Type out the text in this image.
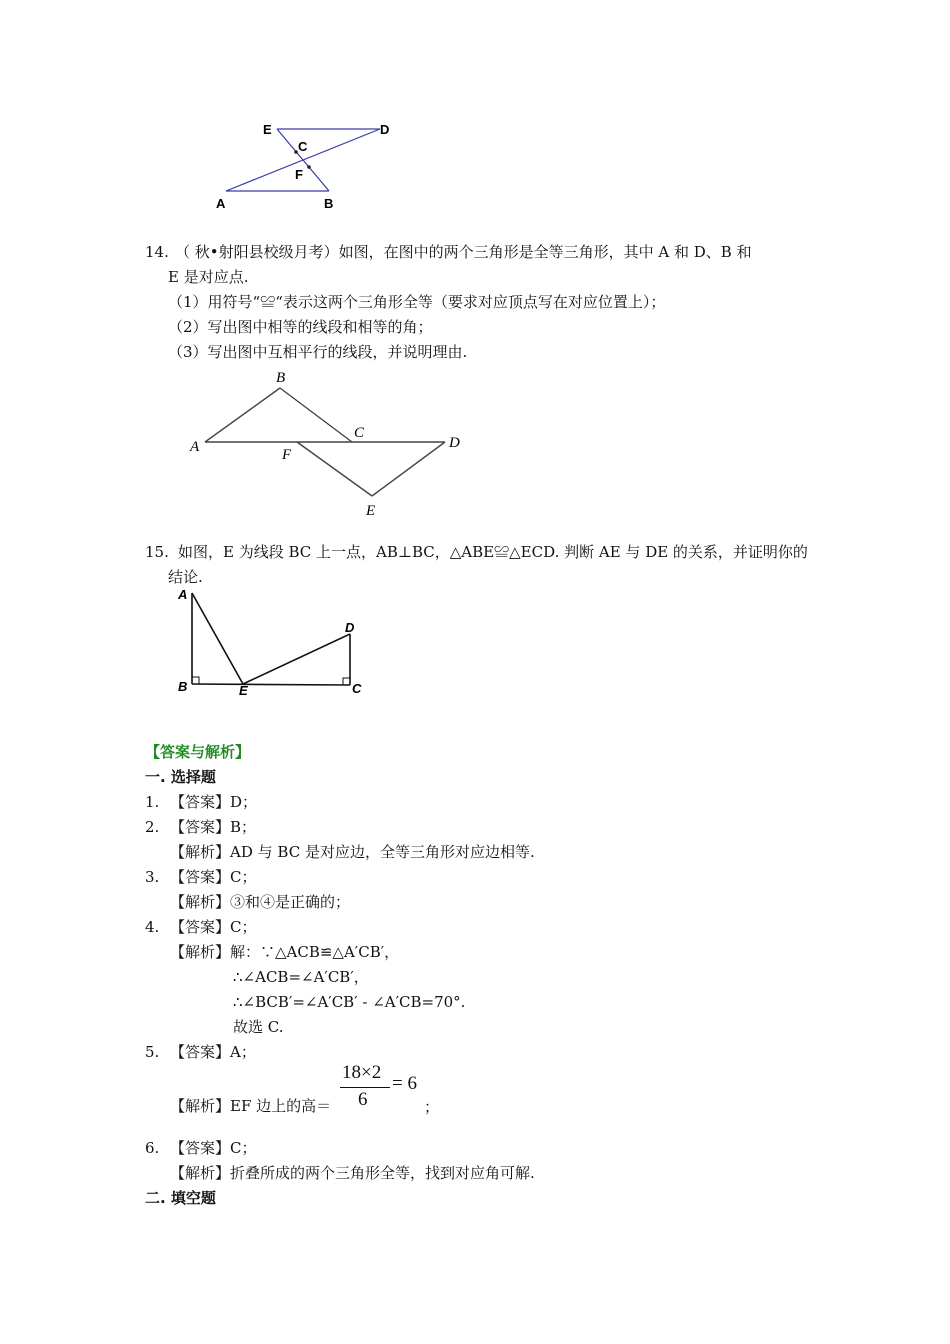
E	D
C
F
A	B
14. （ 秋•射阳县校级月考）如图，在图中的两个三角形是全等三角形，其中 A 和 D、B 和
E 是对应点.
（1）用符号“≌“表示这两个三角形全等（要求对应顶点写在对应位置上）；
（2）写出图中相等的线段和相等的角；
（3）写出图中互相平行的线段，并说明理由.
B
A
C
F
D
E
15. 如图，E 为线段 BC 上一点，AB⊥BC，△ABE≌△ECD. 判断 AE 与 DE 的关系，并证明你的
结论.
A
B	E
D
C
【答案与解析】
一. 选择题
1. 【答案】D；
2. 【答案】B；
【解析】AD 与 BC 是对应边，全等三角形对应边相等.
3. 【答案】C；
【解析】③和④是正确的；
4. 【答案】C；
【解析】解：∵△ACB≌△A′CB′，
∴∠ACB=∠A′CB′，
∴∠BCB′=∠A′CB′ - ∠A′CB=70°.
故选 C.
5. 【答案】A；
【解析】EF 边上的高＝
18×2
6
= 6
；
6. 【答案】C；
【解析】折叠所成的两个三角形全等，找到对应角可解.
二. 填空题
